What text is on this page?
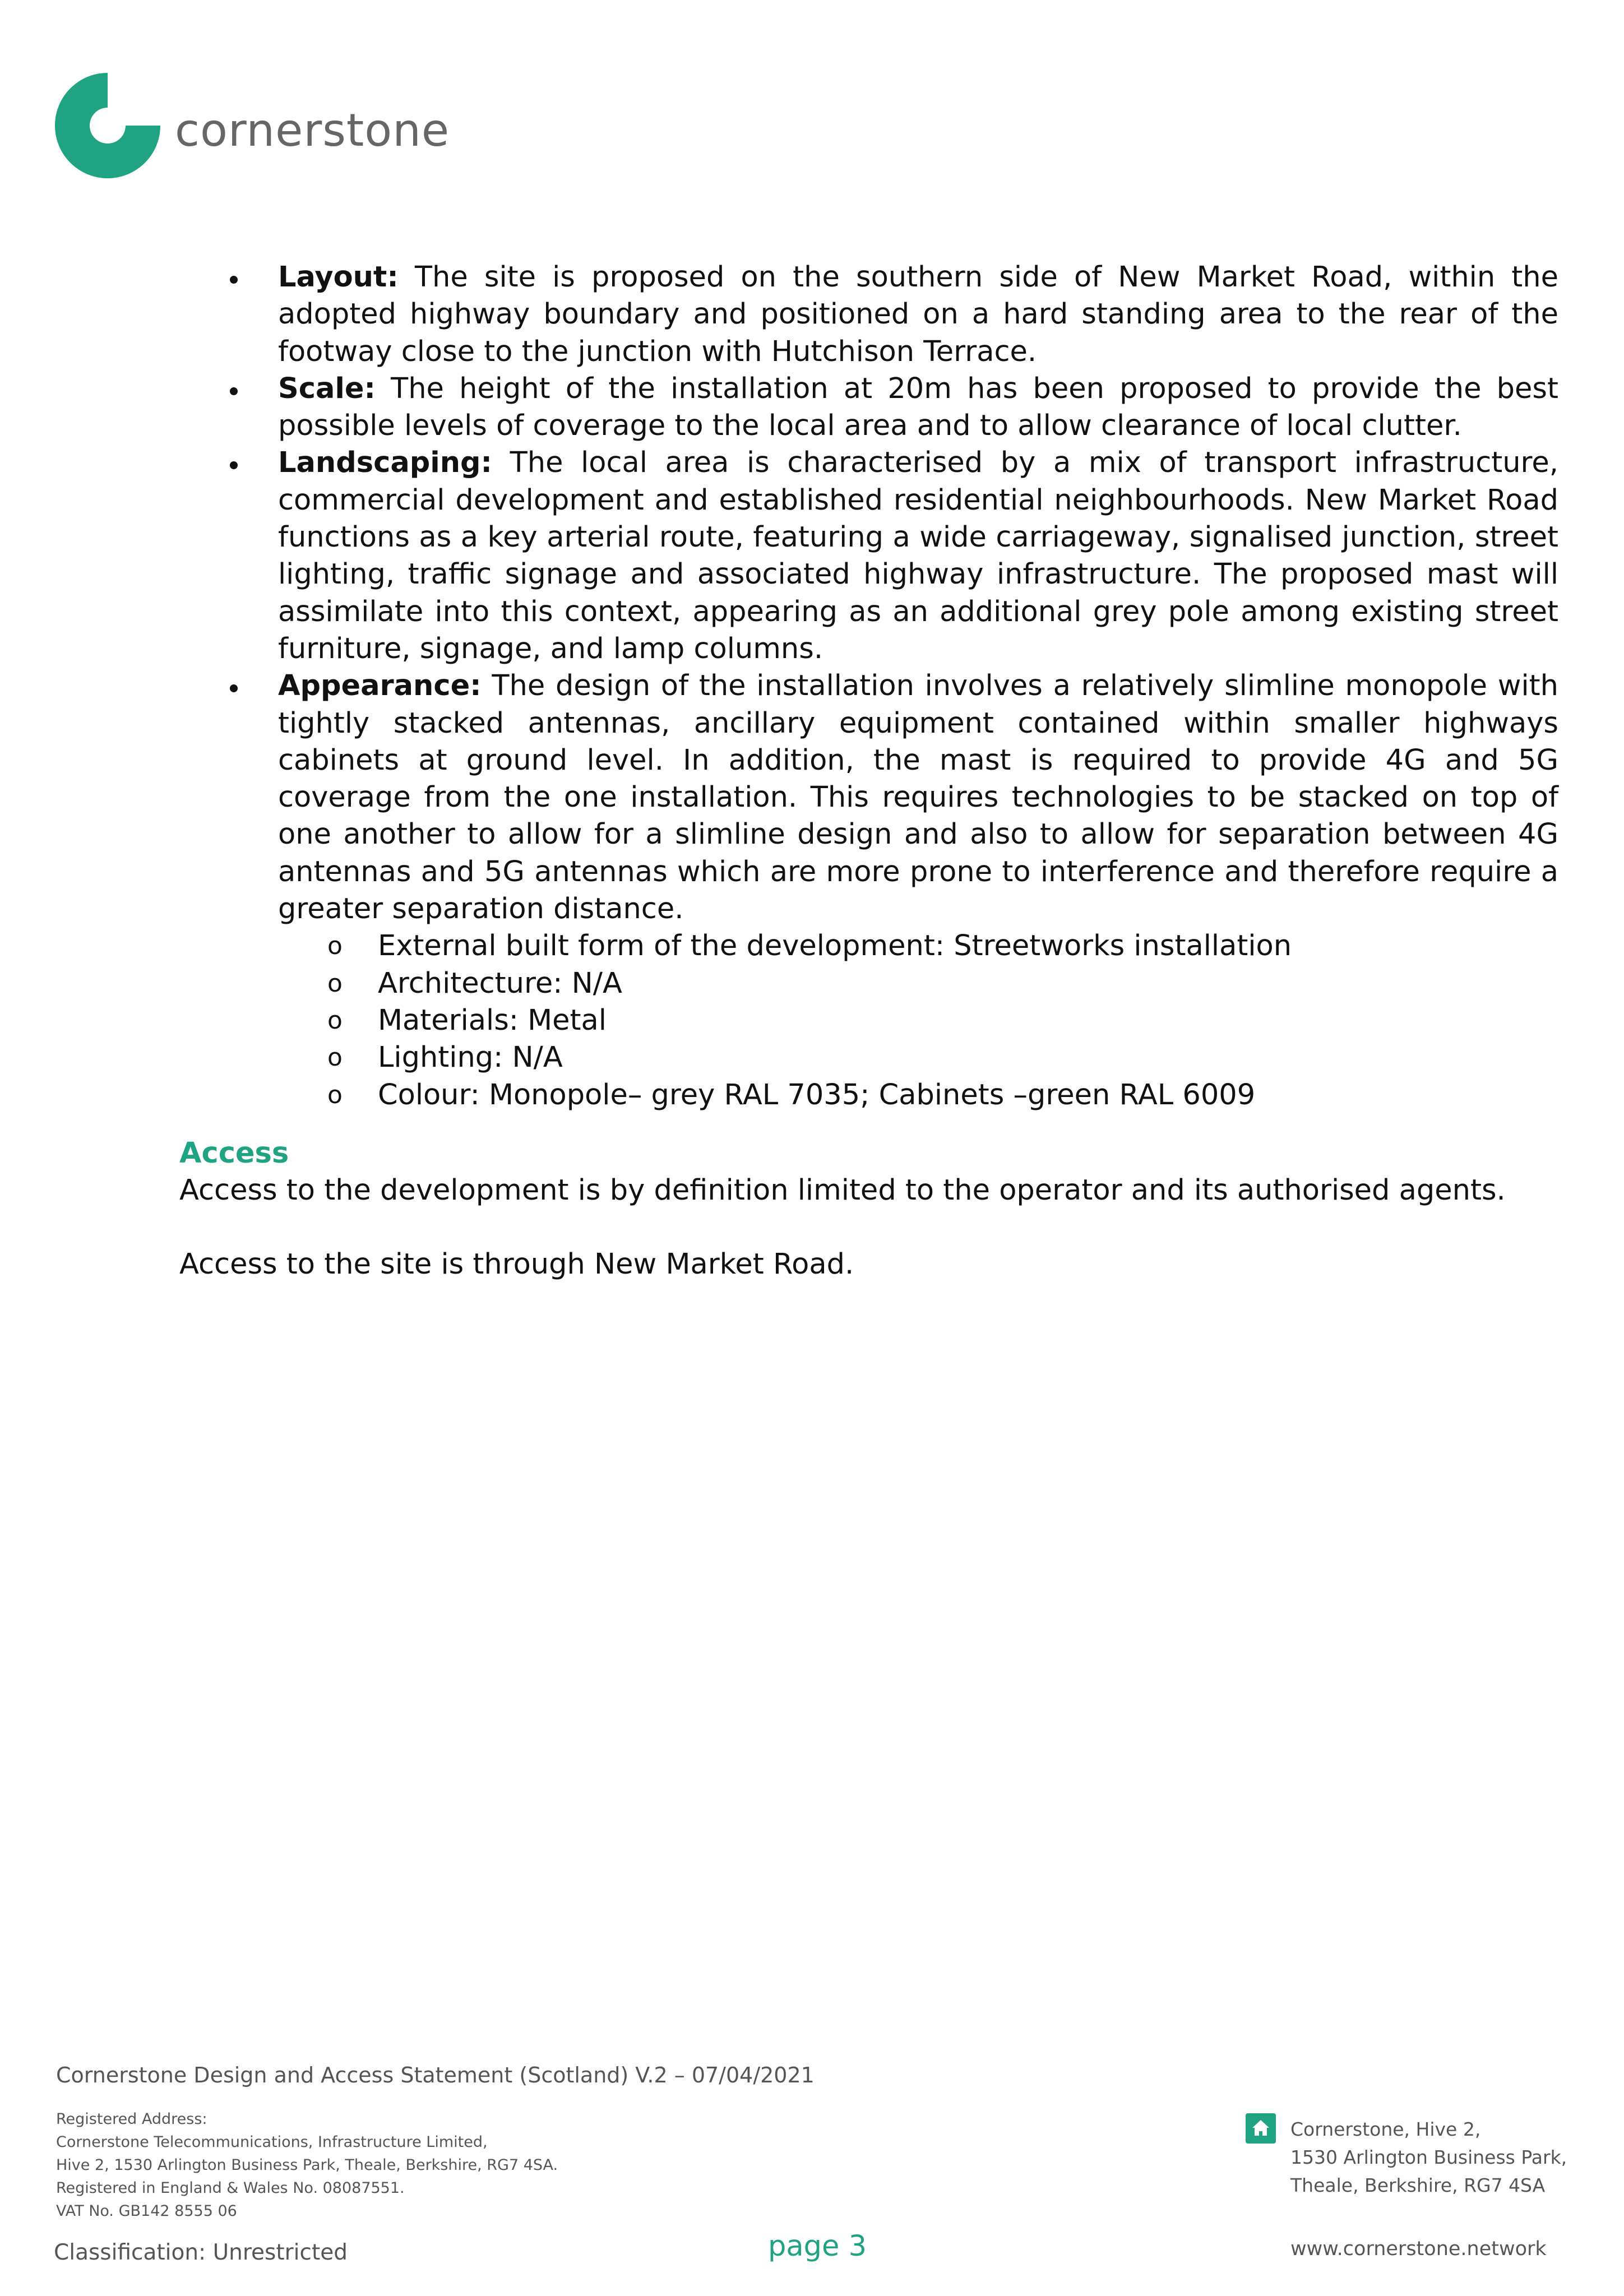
cornerstone
Layout: The site is proposed on the southern side of New Market Road, within the adopted highway boundary and positioned on a hard standing area to the rear of the footway close to the junction with Hutchison Terrace.
Scale: The height of the installation at 20m has been proposed to provide the best possible levels of coverage to the local area and to allow clearance of local clutter.
Landscaping: The local area is characterised by a mix of transport infrastructure, commercial development and established residential neighbourhoods. New Market Road functions as a key arterial route, featuring a wide carriageway, signalised junction, street lighting, traffic signage and associated highway infrastructure. The proposed mast will assimilate into this context, appearing as an additional grey pole among existing street furniture, signage, and lamp columns.
Appearance: The design of the installation involves a relatively slimline monopole with tightly stacked antennas, ancillary equipment contained within smaller highways cabinets at ground level. In addition, the mast is required to provide 4G and 5G coverage from the one installation. This requires technologies to be stacked on top of one another to allow for a slimline design and also to allow for separation between 4G antennas and 5G antennas which are more prone to interference and therefore require a greater separation distance.
o External built form of the development: Streetworks installation
o Architecture: N/A
o Materials: Metal
o Lighting: N/A
o Colour: Monopole– grey RAL 7035; Cabinets –green RAL 6009
Access

Access to the development is by definition limited to the operator and its authorised agents.

Access to the site is through New Market Road.

Cornerstone Design and Access Statement (Scotland) V.2 – 07/04/2021
Registered Address:
Cornerstone Telecommunications, Infrastructure Limited,
Hive 2, 1530 Arlington Business Park, Theale, Berkshire, RG7 4SA.
Registered in England & Wales No. 08087551.
VAT No. GB142 8555 06
Cornerstone, Hive 2,
1530 Arlington Business Park,
Theale, Berkshire, RG7 4SA
Classification: Unrestricted	page 3	www.cornerstone.network
